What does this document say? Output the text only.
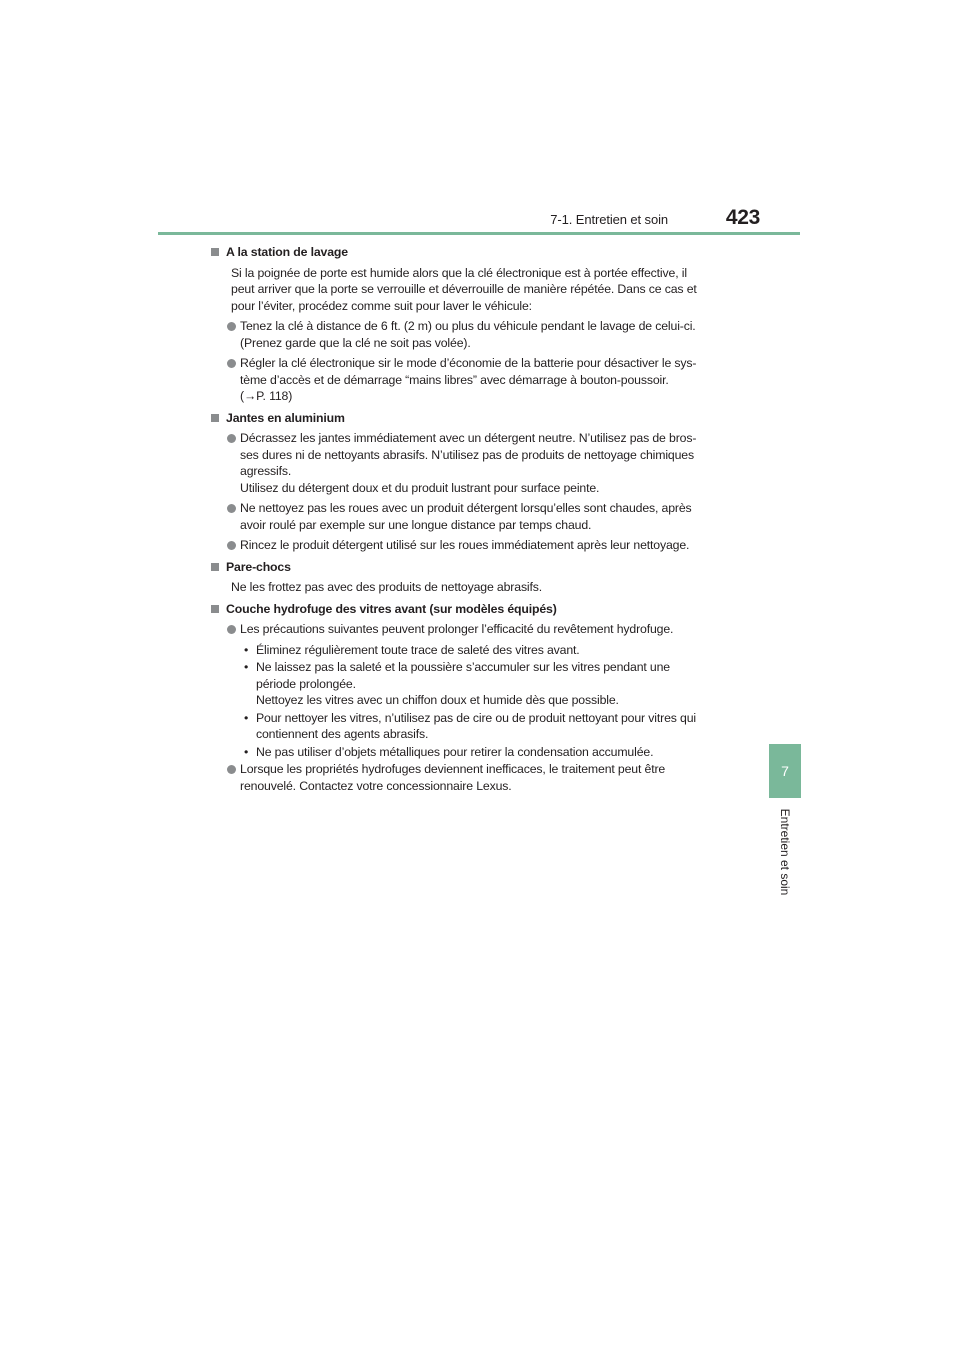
7-1. Entretien et soin	423
7
Entretien et soin
A la station de lavage
Si la poignée de porte est humide alors que la clé électronique est à portée effective, il
peut arriver que la porte se verrouille et déverrouille de manière répétée. Dans ce cas et
pour l’éviter, procédez comme suit pour laver le véhicule:
Tenez la clé à distance de 6 ft. (2 m) ou plus du véhicule pendant le lavage de celui-ci.
(Prenez garde que la clé ne soit pas volée).
Régler la clé électronique sir le mode d’économie de la batterie pour désactiver le sys-
tème d’accès et de démarrage “mains libres” avec démarrage à bouton-poussoir.
(→P. 118)
Jantes en aluminium
Décrassez les jantes immédiatement avec un détergent neutre. N’utilisez pas de bros-
ses dures ni de nettoyants abrasifs. N’utilisez pas de produits de nettoyage chimiques
agressifs.
Utilisez du détergent doux et du produit lustrant pour surface peinte.
Ne nettoyez pas les roues avec un produit détergent lorsqu’elles sont chaudes, après
avoir roulé par exemple sur une longue distance par temps chaud.
Rincez le produit détergent utilisé sur les roues immédiatement après leur nettoyage.
Pare-chocs
Ne les frottez pas avec des produits de nettoyage abrasifs.
Couche hydrofuge des vitres avant (sur modèles équipés)
Les précautions suivantes peuvent prolonger l’efficacité du revêtement hydrofuge.
• Éliminez régulièrement toute trace de saleté des vitres avant.
• Ne laissez pas la saleté et la poussière s’accumuler sur les vitres pendant une
période prolongée.
Nettoyez les vitres avec un chiffon doux et humide dès que possible.
• Pour nettoyer les vitres, n’utilisez pas de cire ou de produit nettoyant pour vitres qui
contiennent des agents abrasifs.
• Ne pas utiliser d’objets métalliques pour retirer la condensation accumulée.
Lorsque les propriétés hydrofuges deviennent inefficaces, le traitement peut être
renouvelé. Contactez votre concessionnaire Lexus.
